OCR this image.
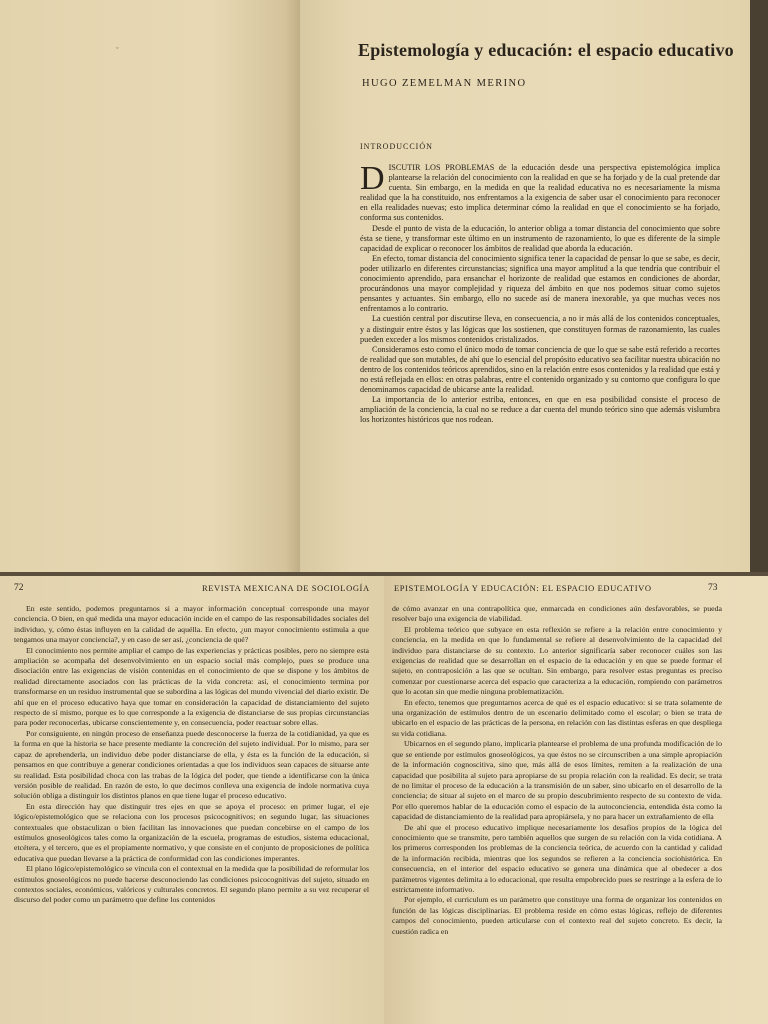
ˇ	Epistemología y educación: el espacio educativo

HUGO ZEMELMAN MERINO

INTRODUCCIÓN

DISCUTIR LOS PROBLEMAS de la educación desde una perspectiva epistemológica implica plantearse la relación del conocimiento con la realidad en que se ha forjado y de la cual pretende dar cuenta. Sin embargo, en la medida en que la realidad educativa no es necesariamente la misma realidad que la ha constituido, nos enfrentamos a la exigencia de saber usar el conocimiento para reconocer en ella realidades nuevas; esto implica determinar cómo la realidad en que el conocimiento se ha forjado, conforma sus contenidos.

Desde el punto de vista de la educación, lo anterior obliga a tomar distancia del conocimiento que sobre ésta se tiene, y transformar este último en un instrumento de razonamiento, lo que es diferente de la simple capacidad de explicar o reconocer los ámbitos de realidad que aborda la educación.

En efecto, tomar distancia del conocimiento significa tener la capacidad de pensar lo que se sabe, es decir, poder utilizarlo en diferentes circunstancias; significa una mayor amplitud a la que tendría que contribuir el conocimiento aprendido, para ensanchar el horizonte de realidad que estamos en condiciones de abordar, procurándonos una mayor complejidad y riqueza del ámbito en que nos podemos situar como sujetos pensantes y actuantes. Sin embargo, ello no sucede así de manera inexorable, ya que muchas veces nos enfrentamos a lo contrario.

La cuestión central por discutirse lleva, en consecuencia, a no ir más allá de los contenidos conceptuales, y a distinguir entre éstos y las lógicas que los sostienen, que constituyen formas de razonamiento, las cuales pueden exceder a los mismos contenidos cristalizados.

Consideramos esto como el único modo de tomar conciencia de que lo que se sabe está referido a recortes de realidad que son mutables, de ahí que lo esencial del propósito educativo sea facilitar nuestra ubicación no dentro de los contenidos teóricos aprendidos, sino en la relación entre esos contenidos y la realidad que está y no está reflejada en ellos: en otras palabras, entre el contenido organizado y su contorno que configura lo que denominamos capacidad de ubicarse ante la realidad.

La importancia de lo anterior estriba, entonces, en que en esa posibilidad consiste el proceso de ampliación de la conciencia, la cual no se reduce a dar cuenta del mundo teórico sino que además vislumbra los horizontes históricos que nos rodean.

72	REVISTA MEXICANA DE SOCIOLOGÍA

En este sentido, podemos preguntarnos si a mayor información conceptual corresponde una mayor conciencia. O bien, en qué medida una mayor educación incide en el campo de las responsabilidades sociales del individuo, y, cómo éstas influyen en la calidad de aquélla. En efecto, ¿un mayor conocimiento estimula a que tengamos una mayor conciencia?, y en caso de ser así, ¿conciencia de qué?

El conocimiento nos permite ampliar el campo de las experiencias y prácticas posibles, pero no siempre esta ampliación se acompaña del desenvolvimiento en un espacio social más complejo, pues se produce una disociación entre las exigencias de visión contenidas en el conocimiento de que se dispone y los ámbitos de realidad directamente asociados con las prácticas de la vida concreta: así, el conocimiento termina por transformarse en un residuo instrumental que se subordina a las lógicas del mundo vivencial del diario existir. De ahí que en el proceso educativo haya que tomar en consideración la capacidad de distanciamiento del sujeto respecto de sí mismo, porque es lo que corresponde a la exigencia de distanciarse de sus propias circunstancias para poder reconocerlas, ubicarse conscientemente y, en consecuencia, poder reactuar sobre ellas.

Por consiguiente, en ningún proceso de enseñanza puede desconocerse la fuerza de la cotidianidad, ya que es la forma en que la historia se hace presente mediante la concreción del sujeto individual. Por lo mismo, para ser capaz de aprehenderla, un individuo debe poder distanciarse de ella, y ésta es la función de la educación, si pensamos en que contribuye a generar condiciones orientadas a que los individuos sean capaces de situarse ante su realidad. Esta posibilidad choca con las trabas de la lógica del poder, que tiende a identificarse con la única versión posible de realidad. En razón de esto, lo que decimos conlleva una exigencia de índole normativa cuya solución obliga a distinguir los distintos planos en que tiene lugar el proceso educativo.

En esta dirección hay que distinguir tres ejes en que se apoya el proceso: en primer lugar, el eje lógico/epistemológico que se relaciona con los procesos psicocognitivos; en segundo lugar, las situaciones contextuales que obstaculizan o bien facilitan las innovaciones que puedan concebirse en el campo de los estímulos gnoseológicos tales como la organización de la escuela, programas de estudios, sistema educacional, etcétera, y el tercero, que es el propiamente normativo, y que consiste en el conjunto de proposiciones de política educativa que puedan llevarse a la práctica de conformidad con las condiciones imperantes.

El plano lógico/epistemológico se vincula con el contextual en la medida que la posibilidad de reformular los estímulos gnoseológicos no puede hacerse desconociendo las condiciones psicocognitivas del sujeto, situado en contextos sociales, económicos, valóricos y culturales concretos. El segundo plano permite a su vez recuperar el discurso del poder como un parámetro que define los contenidos

EPISTEMOLOGÍA Y EDUCACIÓN: EL ESPACIO EDUCATIVO	73

de cómo avanzar en una contrapolítica que, enmarcada en condiciones aún desfavorables, se pueda resolver bajo una exigencia de viabilidad.

El problema teórico que subyace en esta reflexión se refiere a la relación entre conocimiento y conciencia, en la medida en que lo fundamental se refiere al desenvolvimiento de la capacidad del individuo para distanciarse de su contexto. Lo anterior significaría saber reconocer cuáles son las exigencias de realidad que se desarrollan en el espacio de la educación y en que se puede formar el sujeto, en contraposición a las que se ocultan. Sin embargo, para resolver estas preguntas es preciso comenzar por cuestionarse acerca del espacio que caracteriza a la educación, rompiendo con parámetros que lo acotan sin que medie ninguna problematización.

En efecto, tenemos que preguntarnos acerca de qué es el espacio educativo: si se trata solamente de una organización de estímulos dentro de un escenario delimitado como el escolar; o bien se trata de ubicarlo en el espacio de las prácticas de la persona, en relación con las distintas esferas en que despliega su vida cotidiana.

Ubicarnos en el segundo plano, implicaría plantearse el problema de una profunda modificación de lo que se entiende por estímulos gnoseológicos, ya que éstos no se circunscriben a una simple apropiación de la información cognoscitiva, sino que, más allá de esos límites, remiten a la realización de una capacidad que posibilita al sujeto para apropiarse de su propia relación con la realidad. Es decir, se trata de no limitar el proceso de la educación a la transmisión de un saber, sino ubicarlo en el desarrollo de la conciencia; de situar al sujeto en el marco de su propio descubrimiento respecto de su contexto de vida. Por ello queremos hablar de la educación como el espacio de la autoconciencia, entendida ésta como la capacidad de distanciamiento de la realidad para apropiársela, y no para hacer un extrañamiento de ella

De ahí que el proceso educativo implique necesariamente los desafíos propios de la lógica del conocimiento que se transmite, pero también aquellos que surgen de su relación con la vida cotidiana. A los primeros corresponden los problemas de la conciencia teórica, de acuerdo con la cantidad y calidad de la información recibida, mientras que los segundos se refieren a la conciencia sociohistórica. En consecuencia, en el interior del espacio educativo se genera una dinámica que al obedecer a dos parámetros vigentes delimita a lo educacional, que resulta empobrecido pues se restringe a la esfera de lo estrictamente informativo.

Por ejemplo, el curriculum es un parámetro que constituye una forma de organizar los contenidos en función de las lógicas disciplinarias. El problema reside en cómo estas lógicas, reflejo de diferentes campos del conocimiento, pueden articularse con el contexto real del sujeto concreto. Es decir, la cuestión radica en
